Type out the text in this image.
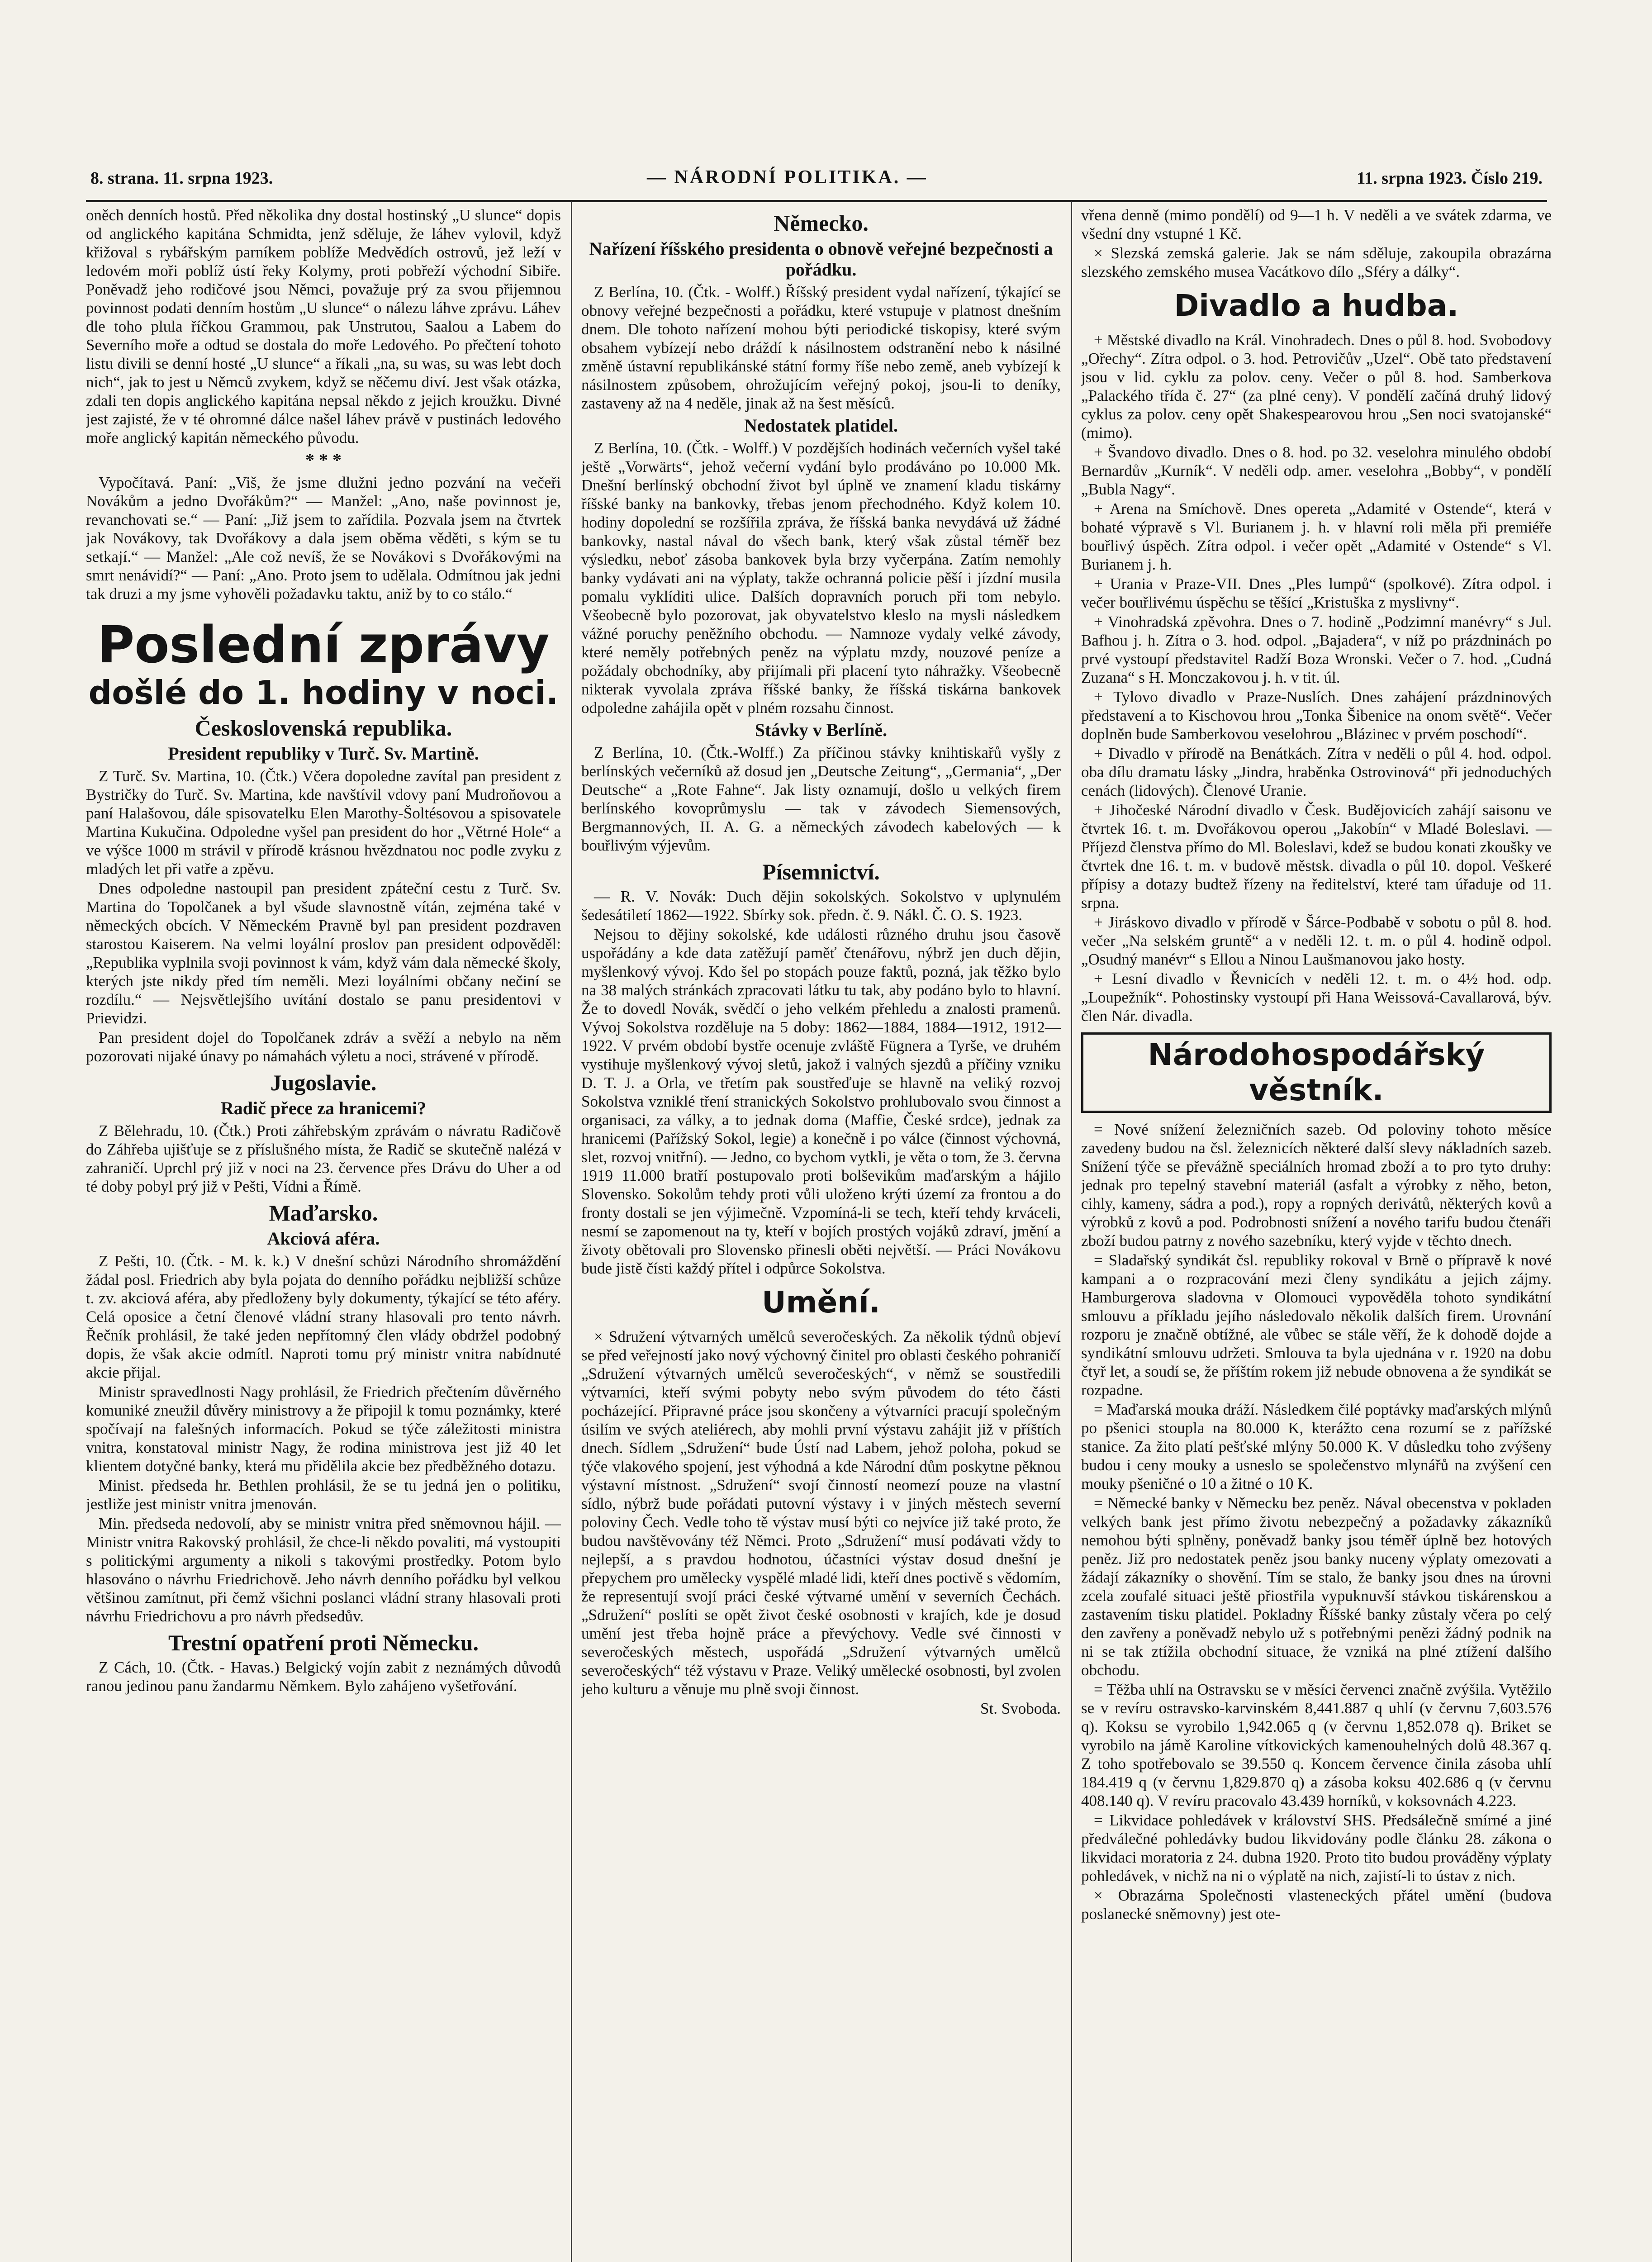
8. strana. 11. srpna 1923.	— NÁRODNÍ POLITIKA. —	11. srpna 1923. Číslo 219.

oněch denních hostů. Před několika dny dostal hostinský „U slunce“ dopis od anglického kapitána Schmidta, jenž sděluje, že láhev vylovil, když křižoval s rybářským parníkem poblíže Medvědích ostrovů, jež leží v ledovém moři poblíž ústí řeky Kolymy, proti pobřeží východní Sibiře. Poněvadž jeho rodičové jsou Němci, považuje prý za svou přijemnou povinnost podati denním hostům „U slunce“ o nálezu láhve zprávu. Láhev dle toho plula říčkou Grammou, pak Unstrutou, Saalou a Labem do Severního moře a odtud se dostala do moře Ledového. Po přečtení tohoto listu divili se denní hosté „U slunce“ a říkali „na, su was, su was lebt doch nich“, jak to jest u Němců zvykem, když se něčemu diví. Jest však otázka, zdali ten dopis anglického kapitána nepsal někdo z jejich kroužku. Divné jest zajisté, že v té ohromné dálce našel láhev právě v pustinách ledového moře anglický kapitán německého původu.

* * *

Vypočítavá. Paní: „Viš, že jsme dlužni jedno pozvání na večeři Novákům a jedno Dvořákům?“ — Manžel: „Ano, naše povinnost je, revanchovati se.“ — Paní: „Již jsem to zařídila. Pozvala jsem na čtvrtek jak Novákovy, tak Dvořákovy a dala jsem oběma věděti, s kým se tu setkají.“ — Manžel: „Ale což nevíš, že se Novákovi s Dvořákovými na smrt nenávidí?“ — Paní: „Ano. Proto jsem to udělala. Odmítnou jak jedni tak druzi a my jsme vyhověli požadavku taktu, aniž by to co stálo.“

Poslední zprávy
došlé do 1. hodiny v noci.
Československá republika.
President republiky v Turč. Sv. Martině.

Z Turč. Sv. Martina, 10. (Čtk.) Včera dopoledne zavítal pan president z Bystričky do Turč. Sv. Martina, kde navštívil vdovy paní Mudroňovou a paní Halašovou, dále spisovatelku Elen Marothy-Šoltésovou a spisovatele Martina Kukučina. Odpoledne vyšel pan president do hor „Větrné Hole“ a ve výšce 1000 m strávil v přírodě krásnou hvězdnatou noc podle zvyku z mladých let při vatře a zpěvu.

Dnes odpoledne nastoupil pan president zpáteční cestu z Turč. Sv. Martina do Topolčanek a byl všude slavnostně vítán, zejména také v německých obcích. V Německém Pravně byl pan president pozdraven starostou Kaiserem. Na velmi loyální proslov pan president odpověděl: „Republika vyplnila svoji povinnost k vám, když vám dala německé školy, kterých jste nikdy před tím neměli. Mezi loyálními občany nečiní se rozdílu.“ — Nejsvětlejšího uvítání dostalo se panu presidentovi v Prievidzi.

Pan president dojel do Topolčanek zdráv a svěží a nebylo na něm pozorovati nijaké únavy po námahách výletu a noci, strávené v přírodě.

Jugoslavie.
Radič přece za hranicemi?

Z Bělehradu, 10. (Čtk.) Proti záhřebským zprávám o návratu Radičově do Záhřeba ujišťuje se z příslušného místa, že Radič se skutečně nalézá v zahraničí. Uprchl prý již v noci na 23. července přes Drávu do Uher a od té doby pobyl prý již v Pešti, Vídni a Římě.

Maďarsko.
Akciová aféra.

Z Pešti, 10. (Čtk. - M. k. k.) V dnešní schůzi Národního shromáždění žádal posl. Friedrich aby byla pojata do denního pořádku nejbližší schůze t. zv. akciová aféra, aby předloženy byly dokumenty, týkající se této aféry. Celá oposice a četní členové vládní strany hlasovali pro tento návrh. Řečník prohlásil, že také jeden nepřítomný člen vlády obdržel podobný dopis, že však akcie odmítl. Naproti tomu prý ministr vnitra nabídnuté akcie přijal.

Ministr spravedlnosti Nagy prohlásil, že Friedrich přečtením důvěrného komuniké zneužil důvěry ministrovy a že připojil k tomu poznámky, které spočívají na falešných informacích. Pokud se týče záležitosti ministra vnitra, konstatoval ministr Nagy, že rodina ministrova jest již 40 let klientem dotyčné banky, která mu přidělila akcie bez předběžného dotazu.

Minist. předseda hr. Bethlen prohlásil, že se tu jedná jen o politiku, jestliže jest ministr vnitra jmenován.

Min. předseda nedovolí, aby se ministr vnitra před sněmovnou hájil. — Ministr vnitra Rakovský prohlásil, že chce-li někdo povaliti, má vystoupiti s politickými argumenty a nikoli s takovými prostředky. Potom bylo hlasováno o návrhu Friedrichově. Jeho návrh denního pořádku byl velkou většinou zamítnut, při čemž všichni poslanci vládní strany hlasovali proti návrhu Friedrichovu a pro návrh předsedův.

Trestní opatření proti Německu.

Z Cách, 10. (Čtk. - Havas.) Belgický vojín zabit z neznámých důvodů ranou jedinou panu žandarmu Němkem. Bylo zahájeno vyšetřování.

Německo.
Nařízení říšského presidenta o obnově veřejné bezpečnosti a pořádku.

Z Berlína, 10. (Čtk. - Wolff.) Říšský president vydal nařízení, týkající se obnovy veřejné bezpečnosti a pořádku, které vstupuje v platnost dnešním dnem. Dle tohoto nařízení mohou býti periodické tiskopisy, které svým obsahem vybízejí nebo dráždí k násilnostem odstranění nebo k násilné změně ústavní republikánské státní formy říše nebo země, aneb vybízejí k násilnostem způsobem, ohrožujícím veřejný pokoj, jsou-li to deníky, zastaveny až na 4 neděle, jinak až na šest měsíců.

Nedostatek platidel.

Z Berlína, 10. (Čtk. - Wolff.) V pozdějších hodinách večerních vyšel také ještě „Vorwärts“, jehož večerní vydání bylo prodáváno po 10.000 Mk. Dnešní berlínský obchodní život byl úplně ve znamení kladu tiskárny říšské banky na bankovky, třebas jenom přechodného. Když kolem 10. hodiny dopolední se rozšířila zpráva, že říšská banka nevydává už žádné bankovky, nastal nával do všech bank, který však zůstal téměř bez výsledku, neboť zásoba bankovek byla brzy vyčerpána. Zatím nemohly banky vydávati ani na výplaty, takže ochranná policie pěší i jízdní musila pomalu vyklíditi ulice. Dalších dopravních poruch při tom nebylo. Všeobecně bylo pozorovat, jak obyvatelstvo kleslo na mysli následkem vážné poruchy peněžního obchodu. — Namnoze vydaly velké závody, které neměly potřebných peněz na výplatu mzdy, nouzové peníze a požádaly obchodníky, aby přijímali při placení tyto náhražky. Všeobecně nikterak vyvolala zpráva říšské banky, že říšská tiskárna bankovek odpoledne zahájila opět v plném rozsahu činnost.

Stávky v Berlíně.

Z Berlína, 10. (Čtk.-Wolff.) Za příčinou stávky knihtiskařů vyšly z berlínských večerníků až dosud jen „Deutsche Zeitung“, „Germania“, „Der Deutsche“ a „Rote Fahne“. Jak listy oznamují, došlo u velkých firem berlínského kovoprůmyslu — tak v závodech Siemensových, Bergmannových, II. A. G. a německých závodech kabelových — k bouřlivým výjevům.

Písemnictví.

— R. V. Novák: Duch dějin sokolských. Sokolstvo v uplynulém šedesátiletí 1862—1922. Sbírky sok. předn. č. 9. Nákl. Č. O. S. 1923.

Nejsou to dějiny sokolské, kde události různého druhu jsou časově uspořádány a kde data zatěžují paměť čtenářovu, nýbrž jen duch dějin, myšlenkový vývoj. Kdo šel po stopách pouze faktů, pozná, jak těžko bylo na 38 malých stránkách zpracovati látku tu tak, aby podáno bylo to hlavní. Že to dovedl Novák, svědčí o jeho velkém přehledu a znalosti pramenů. Vývoj Sokolstva rozděluje na 5 doby: 1862—1884, 1884—1912, 1912—1922. V prvém období bystře ocenuje zvláště Fügnera a Tyrše, ve druhém vystihuje myšlenkový vývoj sletů, jakož i valných sjezdů a příčiny vzniku D. T. J. a Orla, ve třetím pak soustřeďuje se hlavně na veliký rozvoj Sokolstva vzniklé tření stranických Sokolstvo prohlubovalo svou činnost a organisaci, za války, a to jednak doma (Maffie, České srdce), jednak za hranicemi (Pařížský Sokol, legie) a konečně i po válce (činnost výchovná, slet, rozvoj vnitřní). — Jedno, co bychom vytkli, je věta o tom, že 3. června 1919 11.000 bratří postupovalo proti bolševikům maďarským a hájilo Slovensko. Sokolům tehdy proti vůli uloženo krýti území za frontou a do fronty dostali se jen výjimečně. Vzpomíná-li se tech, kteří tehdy krváceli, nesmí se zapomenout na ty, kteří v bojích prostých vojáků zdraví, jmění a životy obětovali pro Slovensko přinesli oběti největší. — Práci Novákovu bude jistě čísti každý přítel i odpůrce Sokolstva.

Umění.

× Sdružení výtvarných umělců severočeských. Za několik týdnů objeví se před veřejností jako nový výchovný činitel pro oblasti českého pohraničí „Sdružení výtvarných umělců severočeských“, v němž se soustředili výtvarníci, kteří svými pobyty nebo svým původem do této části pocházející. Připravné práce jsou skončeny a výtvarníci pracují společným úsilím ve svých ateliérech, aby mohli první výstavu zahájit již v příštích dnech. Sídlem „Sdružení“ bude Ústí nad Labem, jehož poloha, pokud se týče vlakového spojení, jest výhodná a kde Národní dům poskytne pěknou výstavní místnost. „Sdružení“ svojí činností neomezí pouze na vlastní sídlo, nýbrž bude pořádati putovní výstavy i v jiných městech severní poloviny Čech. Vedle toho tě výstav musí býti co nejvíce již také proto, že budou navštěvovány též Němci. Proto „Sdružení“ musí podávati vždy to nejlepší, a s pravdou hodnotou, účastníci výstav dosud dnešní je přepychem pro umělecky vyspělé mladé lidi, kteří dnes poctivě s vědomím, že representují svojí práci české výtvarné umění v severních Čechách. „Sdružení“ poslíti se opět život české osobnosti v krajích, kde je dosud umění jest třeba hojně práce a převýchovy. Vedle své činnosti v severočeských městech, uspořádá „Sdružení výtvarných umělců severočeských“ též výstavu v Praze. Veliký umělecké osobnosti, byl zvolen jeho kulturu a věnuje mu plně svoji činnost.

St. Svoboda.

vřena denně (mimo pondělí) od 9—1 h. V neděli a ve svátek zdarma, ve všední dny vstupné 1 Kč.

× Slezská zemská galerie. Jak se nám sděluje, zakoupila obrazárna slezského zemského musea Vacátkovo dílo „Sféry a dálky“.

Divadlo a hudba.

+ Městské divadlo na Král. Vinohradech. Dnes o půl 8. hod. Svobodovy „Ořechy“. Zítra odpol. o 3. hod. Petrovičův „Uzel“. Obě tato představení jsou v lid. cyklu za polov. ceny. Večer o půl 8. hod. Samberkova „Palackého třída č. 27“ (za plné ceny). V pondělí začíná druhý lidový cyklus za polov. ceny opět Shakespearovou hrou „Sen noci svatojanské“ (mimo).

+ Švandovo divadlo. Dnes o 8. hod. po 32. veselohra minulého období Bernardův „Kurník“. V neděli odp. amer. veselohra „Bobby“, v pondělí „Bubla Nagy“.

+ Arena na Smíchově. Dnes opereta „Adamité v Ostende“, která v bohaté výpravě s Vl. Burianem j. h. v hlavní roli měla při premiéře bouřlivý úspěch. Zítra odpol. i večer opět „Adamité v Ostende“ s Vl. Burianem j. h.

+ Urania v Praze-VII. Dnes „Ples lumpů“ (spolkové). Zítra odpol. i večer bouřlivému úspěchu se těšící „Kristuška z myslivny“.

+ Vinohradská zpěvohra. Dnes o 7. hodině „Podzimní manévry“ s Jul. Bafhou j. h. Zítra o 3. hod. odpol. „Bajadera“, v níž po prázdninách po prvé vystoupí představitel Radží Boza Wronski. Večer o 7. hod. „Cudná Zuzana“ s H. Monczakovou j. h. v tit. úl.

+ Tylovo divadlo v Praze-Nuslích. Dnes zahájení prázdninových představení a to Kischovou hrou „Tonka Šibenice na onom světě“. Večer doplněn bude Samberkovou veselohrou „Blázinec v prvém poschodí“.

+ Divadlo v přírodě na Benátkách. Zítra v neděli o půl 4. hod. odpol. oba dílu dramatu lásky „Jindra, hraběnka Ostrovinová“ při jednoduchých cenách (lidových). Členové Uranie.

+ Jihočeské Národní divadlo v Česk. Budějovicích zahájí saisonu ve čtvrtek 16. t. m. Dvořákovou operou „Jakobín“ v Mladé Boleslavi. — Příjezd členstva přímo do Ml. Boleslavi, kdež se budou konati zkoušky ve čtvrtek dne 16. t. m. v budově městsk. divadla o půl 10. dopol. Veškeré přípisy a dotazy budtež řízeny na ředitelství, které tam úřaduje od 11. srpna.

+ Jiráskovo divadlo v přírodě v Šárce-Podbabě v sobotu o půl 8. hod. večer „Na selském gruntě“ a v neděli 12. t. m. o půl 4. hodině odpol. „Osudný manévr“ s Ellou a Ninou Laušmanovou jako hosty.

+ Lesní divadlo v Řevnicích v neděli 12. t. m. o 4½ hod. odp. „Loupežník“. Pohostinsky vystoupí při Hana Weissová-Cavallarová, býv. člen Nár. divadla.

Národohospodářský věstník.

= Nové snížení železničních sazeb. Od poloviny tohoto měsíce zavedeny budou na čsl. železnicích některé další slevy nákladních sazeb. Snížení týče se převážně speciálních hromad zboží a to pro tyto druhy: jednak pro tepelný stavební materiál (asfalt a výrobky z něho, beton, cihly, kameny, sádra a pod.), ropy a ropných derivátů, některých kovů a výrobků z kovů a pod. Podrobnosti snížení a nového tarifu budou čtenáři zboží budou patrny z nového sazebníku, který vyjde v těchto dnech.

= Sladařský syndikát čsl. republiky rokoval v Brně o přípravě k nové kampani a o rozpracování mezi členy syndikátu a jejich zájmy. Hamburgerova sladovna v Olomouci vypověděla tohoto syndikátní smlouvu a příkladu jejího následovalo několik dalších firem. Urovnání rozporu je značně obtížné, ale vůbec se stále věří, že k dohodě dojde a syndikátní smlouvu udržeti. Smlouva ta byla ujednána v r. 1920 na dobu čtyř let, a soudí se, že příštím rokem již nebude obnovena a že syndikát se rozpadne.

= Maďarská mouka dráží. Následkem čilé poptávky maďarských mlýnů po pšenici stoupla na 80.000 K, kterážto cena rozumí se z pařížské stanice. Za žito platí pešťské mlýny 50.000 K. V důsledku toho zvýšeny budou i ceny mouky a usneslo se společenstvo mlynářů na zvýšení cen mouky pšeničné o 10 a žitné o 10 K.

= Německé banky v Německu bez peněz. Nával obecenstva v pokladen velkých bank jest přímo životu nebezpečný a požadavky zákazníků nemohou býti splněny, poněvadž banky jsou téměř úplně bez hotových peněz. Již pro nedostatek peněz jsou banky nuceny výplaty omezovati a žádají zákazníky o shovění. Tím se stalo, že banky jsou dnes na úrovni zcela zoufalé situaci ještě přiostřila vypuknuvší stávkou tiskárenskou a zastavením tisku platidel. Pokladny Říšské banky zůstaly včera po celý den zavřeny a poněvadž nebylo už s potřebnými penězi žádný podnik na ni se tak ztížila obchodní situace, že vzniká na plné ztížení dalšího obchodu.

= Těžba uhlí na Ostravsku se v měsíci červenci značně zvýšila. Vytěžilo se v revíru ostravsko-karvinském 8,441.887 q uhlí (v červnu 7,603.576 q). Koksu se vyrobilo 1,942.065 q (v červnu 1,852.078 q). Briket se vyrobilo na jámě Karoline vítkovických kamenouhelných dolů 48.367 q. Z toho spotřebovalo se 39.550 q. Koncem července činila zásoba uhlí 184.419 q (v červnu 1,829.870 q) a zásoba koksu 402.686 q (v červnu 408.140 q). V revíru pracovalo 43.439 horníků, v koksovnách 4.223.

= Likvidace pohledávek v království SHS. Předsálečně smírné a jiné předválečné pohledávky budou likvidovány podle článku 28. zákona o likvidaci moratoria z 24. dubna 1920. Proto tito budou prováděny výplaty pohledávek, v nichž na ni o výplatě na nich, zajistí-li to ústav z nich.

× Obrazárna Společnosti vlasteneckých přátel umění (budova poslanecké sněmovny) jest ote-
